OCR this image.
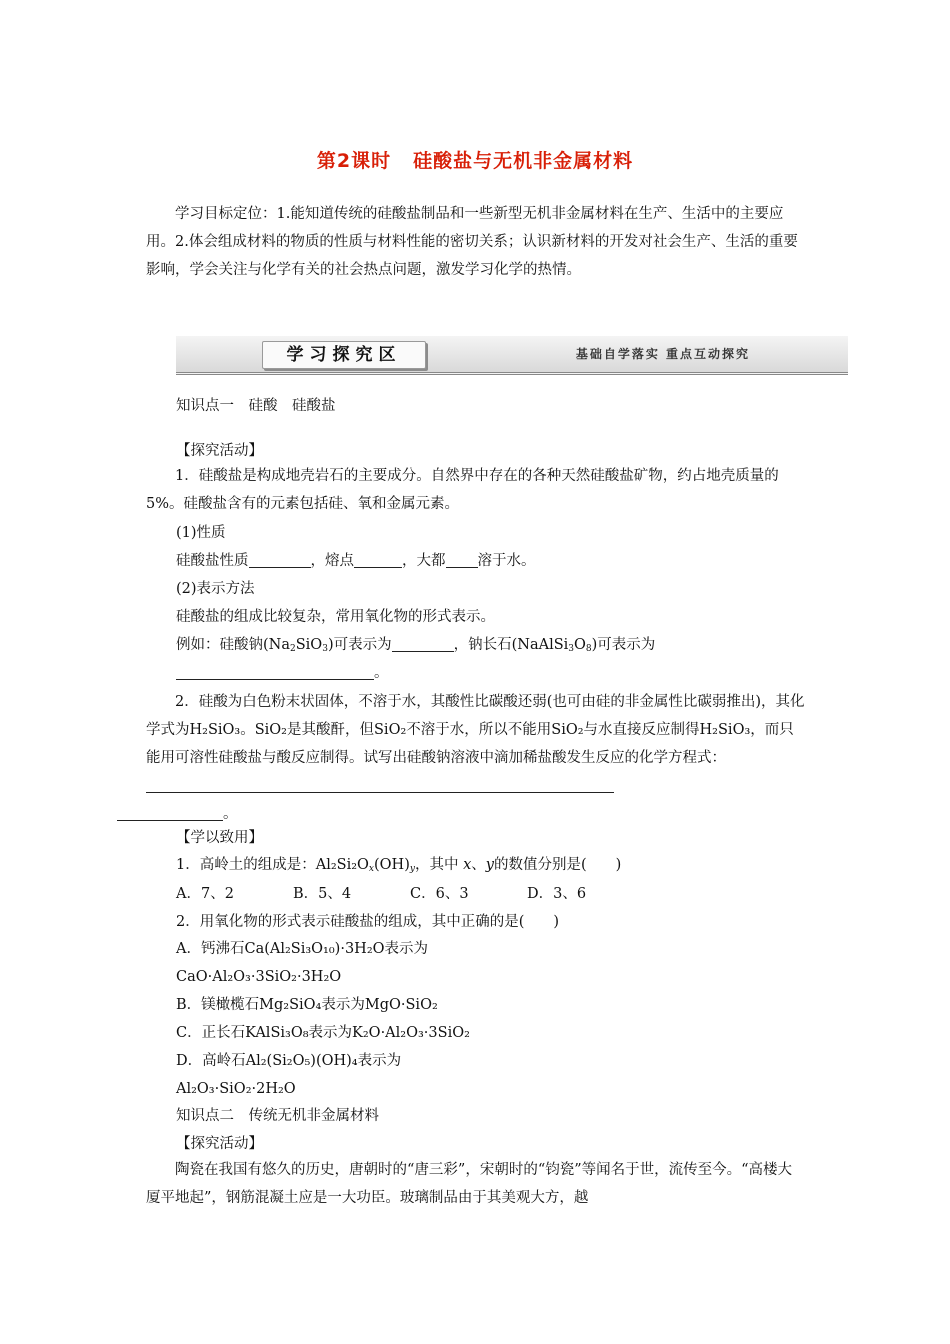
第2课时 硅酸盐与无机非金属材料
学习目标定位：1.能知道传统的硅酸盐制品和一些新型无机非金属材料在生产、生活中的主要应用。2.体会组成材料的物质的性质与材料性能的密切关系；认识新材料的开发对社会生产、生活的重要影响，学会关注与化学有关的社会热点问题，激发学习化学的热情。
学习探究区	基础自学落实 重点互动探究
知识点一　硅酸　硅酸盐
【探究活动】
1．硅酸盐是构成地壳岩石的主要成分。自然界中存在的各种天然硅酸盐矿物，约占地壳质量的5%。硅酸盐含有的元素包括硅、氧和金属元素。
(1)性质
硅酸盐性质	，熔点	，大都 溶于水。
(2)表示方法
硅酸盐的组成比较复杂，常用氧化物的形式表示。
例如：硅酸钠$(Na_2SiO_3)$可表示为	，钠长石$(NaAlSi_3O_8)$可表示为
。
2．硅酸为白色粉末状固体，不溶于水，其酸性比碳酸还弱(也可由硅的非金属性比碳弱推出)，其化学式为H₂SiO₃。SiO₂是其酸酐，但SiO₂不溶于水，所以不能用SiO₂与水直接反应制得H₂SiO₃，而只能用可溶性硅酸盐与酸反应制得。试写出硅酸钠溶液中滴加稀盐酸发生反应的化学方程式：
。
【学以致用】
1．高岭土的组成是：$Al_2Si_2O_x(OH)_y$，其中 x、y的数值分别是(　　)
A．7、2	B．5、4	C．6、3	D．3、6
2．用氧化物的形式表示硅酸盐的组成，其中正确的是(　　)
A．钙沸石Ca(Al₂Si₃O₁₀)·3H₂O表示为
CaO·Al₂O₃·3SiO₂·3H₂O
B．镁橄榄石Mg₂SiO₄表示为MgO·SiO₂
C．正长石KAlSi₃O₈表示为K₂O·Al₂O₃·3SiO₂
D．高岭石Al₂(Si₂O₅)(OH)₄表示为
Al₂O₃·SiO₂·2H₂O
知识点二　传统无机非金属材料
【探究活动】
陶瓷在我国有悠久的历史，唐朝时的“唐三彩”，宋朝时的“钧瓷”等闻名于世，流传至今。“高楼大厦平地起”，钢筋混凝土应是一大功臣。玻璃制品由于其美观大方，越
